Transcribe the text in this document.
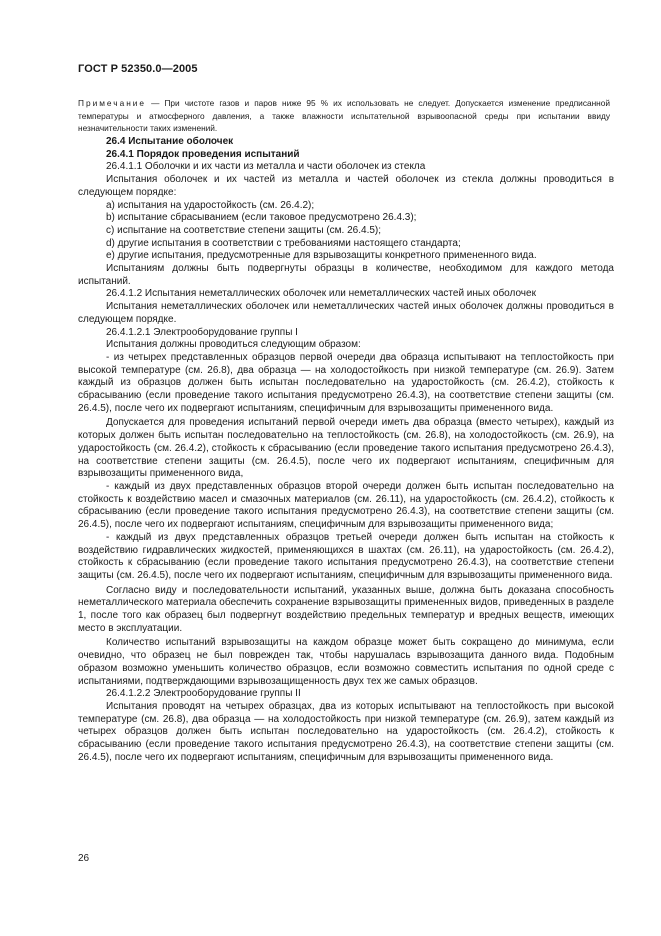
ГОСТ Р 52350.0—2005
Примечание — При чистоте газов и паров ниже 95 % их использовать не следует. Допускается изменение предписанной температуры и атмосферного давления, а также влажности испытательной взрывоопасной среды при испытании ввиду незначительности таких изменений.

26.4 Испытание оболочек

26.4.1 Порядок проведения испытаний

26.4.1.1 Оболочки и их части из металла и части оболочек из стекла

Испытания оболочек и их частей из металла и частей оболочек из стекла должны проводиться в следующем порядке:

a) испытания на ударостойкость (см. 26.4.2);

b) испытание сбрасыванием (если таковое предусмотрено 26.4.3);

c) испытание на соответствие степени защиты (см. 26.4.5);

d) другие испытания в соответствии с требованиями настоящего стандарта;

e) другие испытания, предусмотренные для взрывозащиты конкретного примененного вида.

Испытаниям должны быть подвергнуты образцы в количестве, необходимом для каждого метода испытаний.

26.4.1.2 Испытания неметаллических оболочек или неметаллических частей иных оболочек

Испытания неметаллических оболочек или неметаллических частей иных оболочек должны проводиться в следующем порядке.

26.4.1.2.1 Электрооборудование группы I

Испытания должны проводиться следующим образом:

- из четырех представленных образцов первой очереди два образца испытывают на теплостойкость при высокой температуре (см. 26.8), два образца — на холодостойкость при низкой температуре (см. 26.9). Затем каждый из образцов должен быть испытан последовательно на ударостойкость (см. 26.4.2), стойкость к сбрасыванию (если проведение такого испытания предусмотрено 26.4.3), на соответствие степени защиты (см. 26.4.5), после чего их подвергают испытаниям, специфичным для взрывозащиты примененного вида.

Допускается для проведения испытаний первой очереди иметь два образца (вместо четырех), каждый из которых должен быть испытан последовательно на теплостойкость (см. 26.8), на холодостойкость (см. 26.9), на ударостойкость (см. 26.4.2), стойкость к сбрасыванию (если проведение такого испытания предусмотрено 26.4.3), на соответствие степени защиты (см. 26.4.5), после чего их подвергают испытаниям, специфичным для взрывозащиты примененного вида,

- каждый из двух представленных образцов второй очереди должен быть испытан последовательно на стойкость к воздействию масел и смазочных материалов (см. 26.11), на ударостойкость (см. 26.4.2), стойкость к сбрасыванию (если проведение такого испытания предусмотрено 26.4.3), на соответствие степени защиты (см. 26.4.5), после чего их подвергают испытаниям, специфичным для взрывозащиты примененного вида;

- каждый из двух представленных образцов третьей очереди должен быть испытан на стойкость к воздействию гидравлических жидкостей, применяющихся в шахтах (см. 26.11), на ударостойкость (см. 26.4.2), стойкость к сбрасыванию (если проведение такого испытания предусмотрено 26.4.3), на соответствие степени защиты (см. 26.4.5), после чего их подвергают испытаниям, специфичным для взрывозащиты примененного вида.

Согласно виду и последовательности испытаний, указанных выше, должна быть доказана способность неметаллического материала обеспечить сохранение взрывозащиты примененных видов, приведенных в разделе 1, после того как образец был подвергнут воздействию предельных температур и вредных веществ, имеющих место в эксплуатации.

Количество испытаний взрывозащиты на каждом образце может быть сокращено до минимума, если очевидно, что образец не был поврежден так, чтобы нарушалась взрывозащита данного вида. Подобным образом возможно уменьшить количество образцов, если возможно совместить испытания по одной среде с испытаниями, подтверждающими взрывозащищенность двух тех же самых образцов.

26.4.1.2.2 Электрооборудование группы II

Испытания проводят на четырех образцах, два из которых испытывают на теплостойкость при высокой температуре (см. 26.8), два образца — на холодостойкость при низкой температуре (см. 26.9), затем каждый из четырех образцов должен быть испытан последовательно на ударостойкость (см. 26.4.2), стойкость к сбрасыванию (если проведение такого испытания предусмотрено 26.4.3), на соответствие степени защиты (см. 26.4.5), после чего их подвергают испытаниям, специфичным для взрывозащиты примененного вида.

26
